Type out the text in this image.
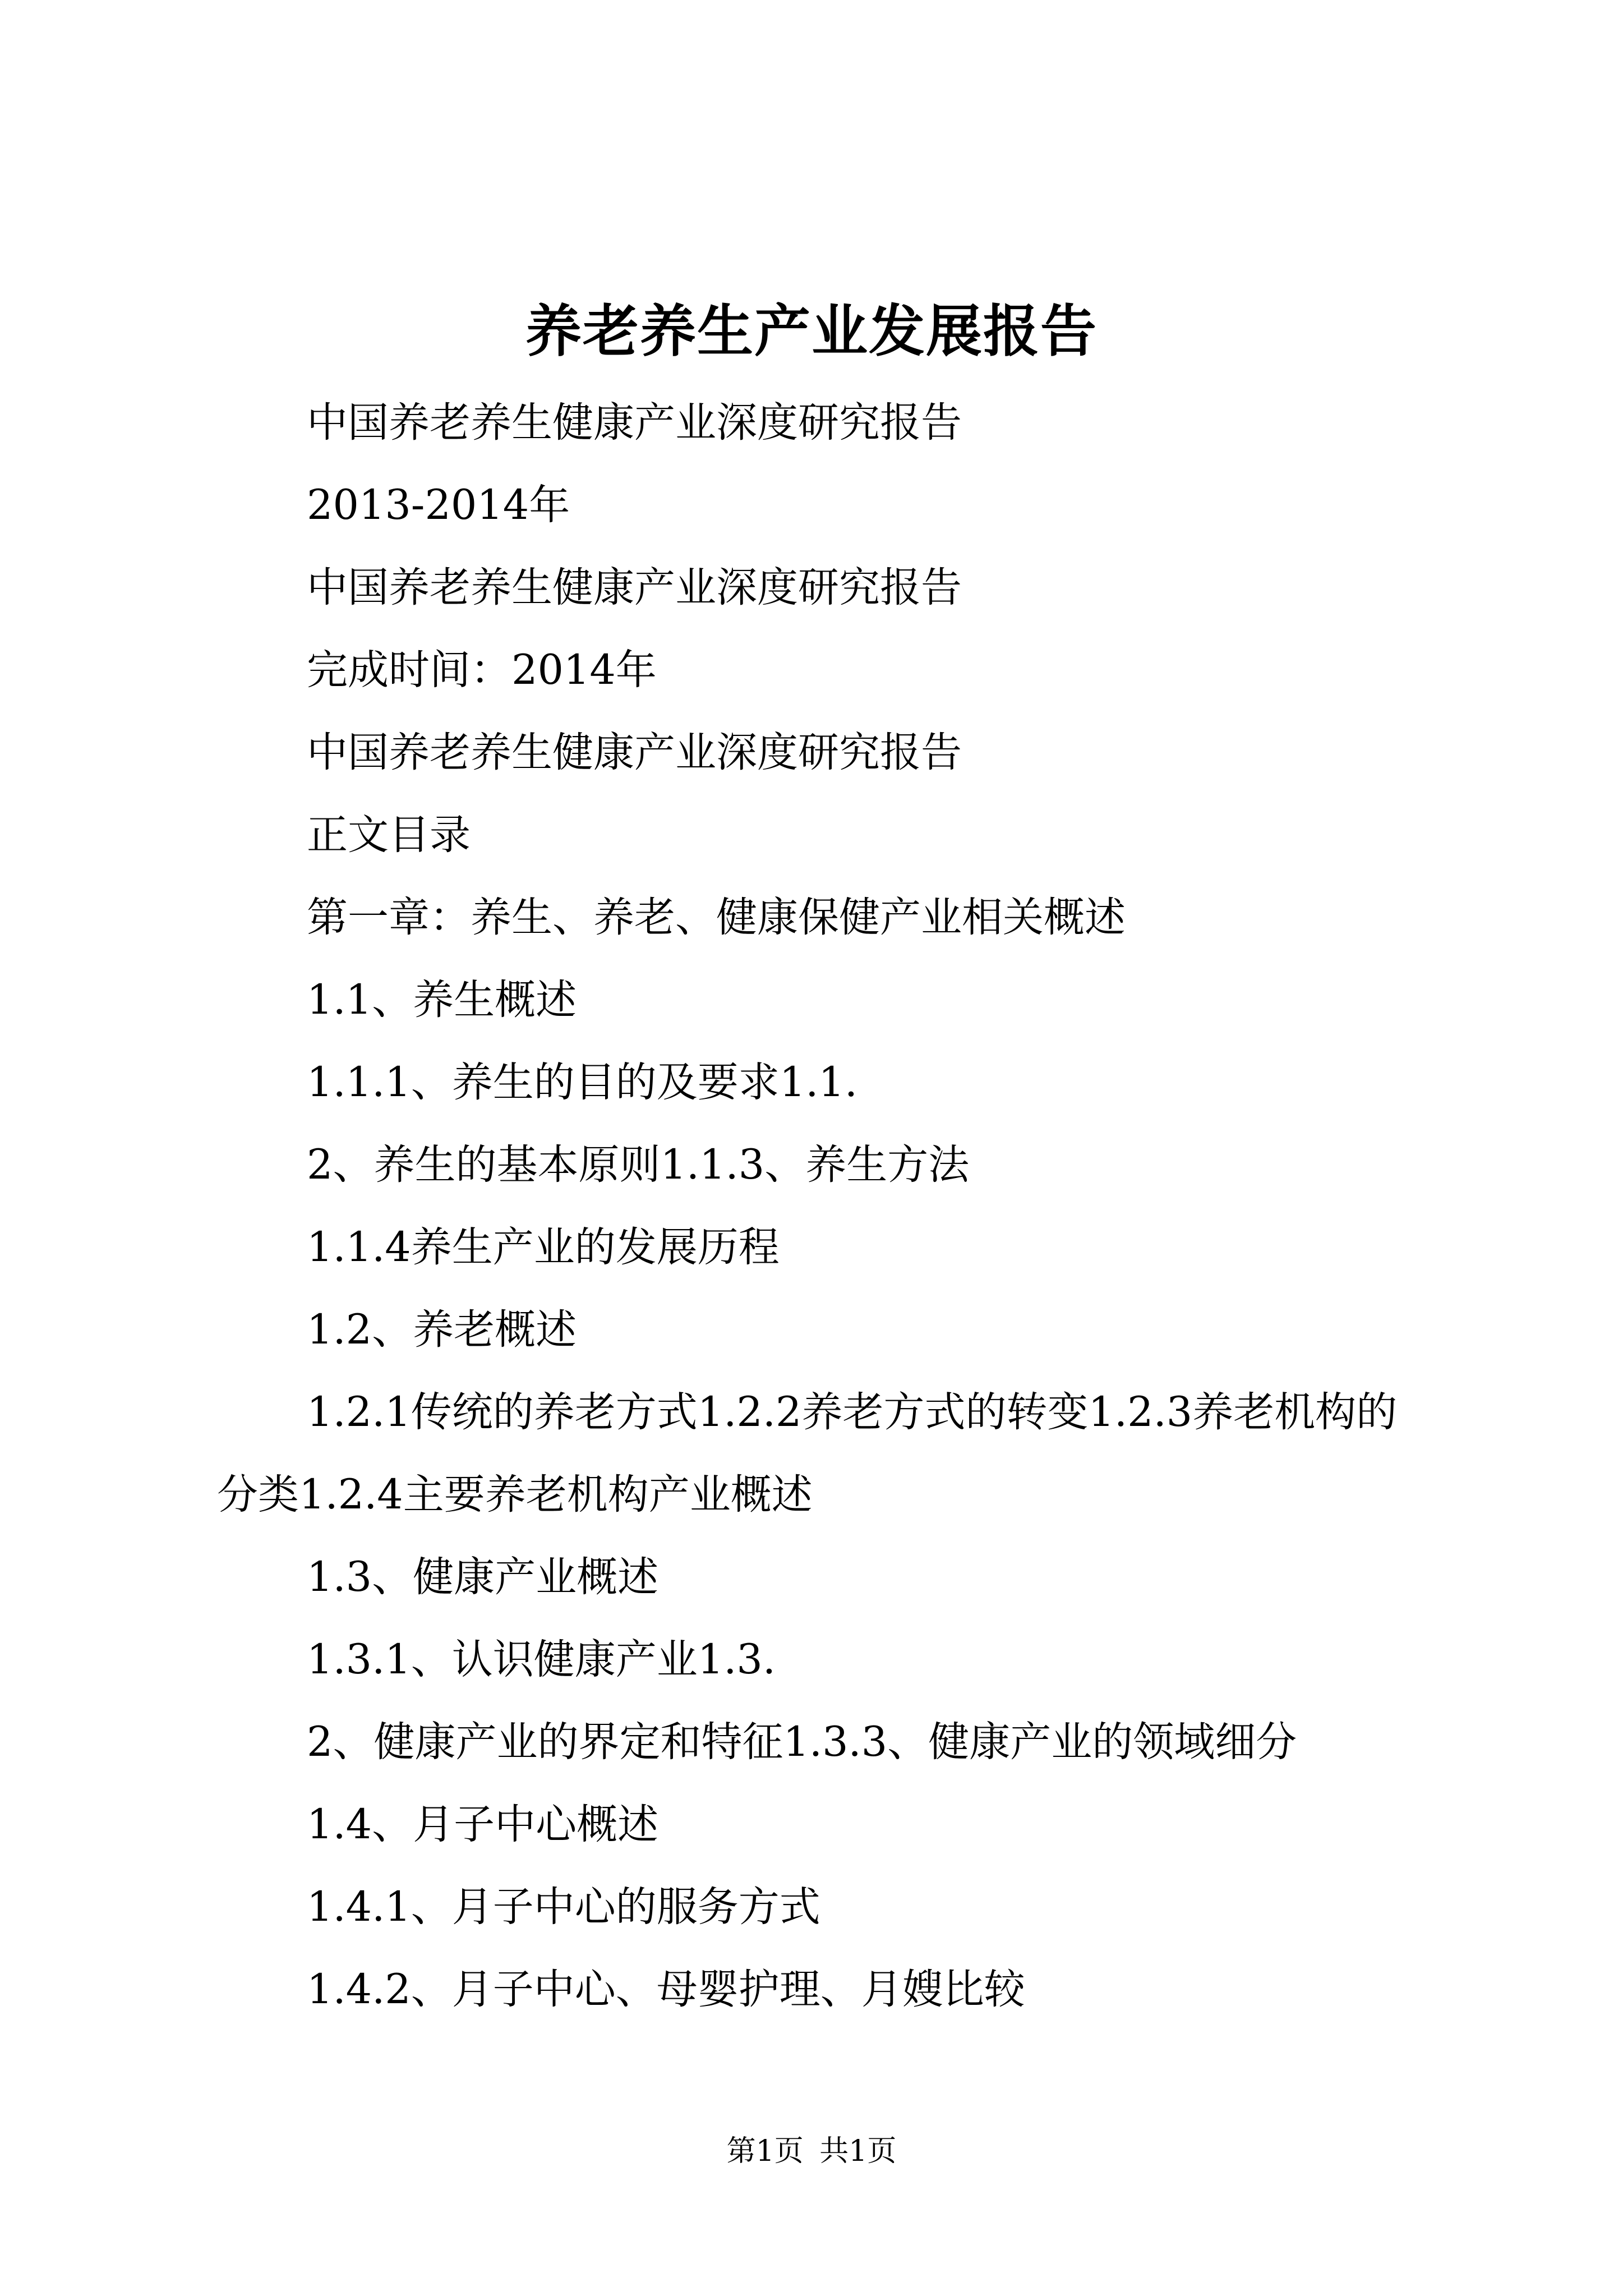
养老养生产业发展报告

中国养老养生健康产业深度研究报告

2013-2014年

中国养老养生健康产业深度研究报告

完成时间：2014年

中国养老养生健康产业深度研究报告

正文目录

第一章：养生、养老、健康保健产业相关概述

1.1、养生概述

1.1.1、养生的目的及要求1.1.

2、养生的基本原则1.1.3、养生方法

1.1.4养生产业的发展历程

1.2、养老概述

1.2.1传统的养老方式1.2.2养老方式的转变1.2.3养老机构的分类1.2.4主要养老机构产业概述

1.3、健康产业概述

1.3.1、认识健康产业1.3.

2、健康产业的界定和特征1.3.3、健康产业的领域细分

1.4、月子中心概述

1.4.1、月子中心的服务方式

1.4.2、月子中心、母婴护理、月嫂比较

第1页 共1页
